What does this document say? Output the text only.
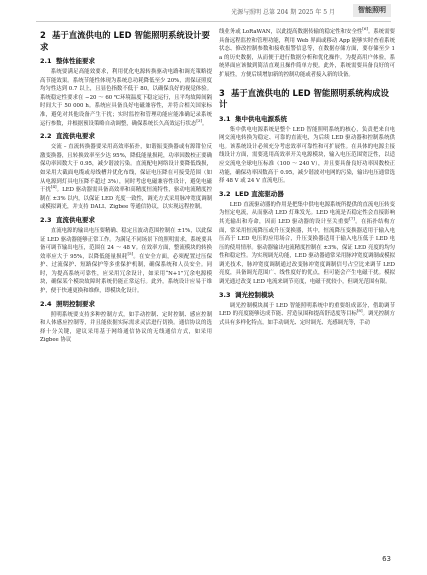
光源与照明 总第 204 期 2025 年 5 月	智能照明
2 基于直流供电的 LED 智能照明系统设计要求
2.1 整体性能要求

系统要满足高能效要求，利用优化电源转换驱动电路和调光策略提高节能效果。系统节能性体现为系统总功耗降低至少 20%，需保证照度均匀性达到 0.7 以上，且显色指数不低于 80，以确保良好的视觉体验。系统稳定性要求在 −20 ～ 60 ℃环境温度下稳定运行，且平均故障间隔时间大于 50 000 h。系统应具备良好电磁兼容性，并符合相关国家标准，避免对其他设备产生干扰；实时监控和管理功能应能准确记录系统运行参数，并根据预设策略自动调整，确保系统长久高效运行状态[3]。

2.2 直流供电要求

交流 – 直流转换器要采用高效率拓扑，如谐振变换器或有源钳位反激变换器，且转换效率至少达 95%，降低能量损耗，功率因数校正要确保功率因数大于 0.95，减少谐波污染。直流配电网络设计要降低线损，如采用大截面电缆或母线槽并优化布线，保证电压降在可接受范围（如从电源到灯具电压降不超过 3%），同时考虑电磁兼容性设计，避免电磁干扰[4]。LED 驱动器需具备高效率和高精度恒流特性，驱动电流精度控制在 ±3% 以内，以保证 LED 光度一致性，调光方式采用脉冲宽度调制或模拟调光，并支持 DALI、Zigbee 等通信协议，以实现远程控制。

2.3 直流供电要求

直流电源的输出电压要精确、稳定且波动范围控制在 ±1%，以此保证 LED 驱动器能够正常工作。为满足不同场景下的照明需求，系统要具备可调节输出电压，范围在 24 ～ 48 V。在效率方面，整流模块的转换效率应大于 95%，以降低能量损耗[5]。在安全方面，必须配置过压保护、过流保护、短路保护等多重保护机制，确保系统和人员安全。同时，为提高系统可靠性，应采用冗余设计，如采用“N+1”冗余电源模块，确保某个模块故障时系统仍能正常运行。此外，系统设计应易于维护，便于快速更换和维修，即模块化设计。

2.4 照明控制要求

照明系统要支持多种控制方式，如手动控制、定时控制、感应控制和人体感应控制等，并且能依据实际需求灵活进行切换。通信协议的选择十分关键，建议采用基于网络通信协议的无线通信方式，如采用 Zigbee 协议

线业务或 LoRaWAN，以此提高数据传输的稳定性和安全性[6]。系统需要具备远程监控和管理功能，利用 Web 界面或移动 App 能够实时查看系统状态、修改控制参数和接收报警信息等，在数据存储方面，要存储至少 1 a 的历史数据，从而便于进行数据分析和优化操作。为提高用户体验，系统界面应该做到简洁直观且操作简单方便。此外，系统需要具备良好的可扩展性，方便后续增加新的控制功能或者接入新的设备。

3 基于直流供电的 LED 智能照明系统构成设计
3.1 集中供电电源系统

集中供电电源系统是整个 LED 智能照明系统的核心，负责把来自电网交流电转换为稳定、可靠的直流电，为后续 LED 驱动器和控制系统供电。该系统设计必须充分考虑效率可靠性和可扩展性。在具体的电源主接线设计方面，需要选用高效率开关电源模块，输入电压范围宽泛性，以适应交流电全球电压标准（100 ～ 240 V），并且要具备良好功率因数校正功能，确保功率因数高于 0.95，减少谐波对电网的污染，输出电压通常选择 48 V 或 24 V 直流电压。

3.2 LED 直流驱动器

LED 直流驱动器的作用是把集中供电电源系统所提供的直流电压转变为恒定电流，从而驱动 LED 灯珠发光。LED 电流是否稳定性会直接影响其光输出和寿命，因而 LED 驱动器的设计至关重要[7]。在拓扑结构方面，常采用恒流降压或升压变换器，其中，恒流降压变换器适用于输入电压高于 LED 电压的应用场合，升压变换器适用于输入电压低于 LED 电压的使用情形。驱动器输出电流精度控制在 ±3%，保证 LED 亮度的均匀性和稳定性。为实现调光功能，LED 驱动器通常采用脉冲宽度调制或模拟调光技术，脉冲宽度调制通过改变脉冲宽度调制信号占空比来调节 LED 亮度，具备调光范围广、线性度好的优点，但可能会产生电磁干扰。模拟调光通过改变 LED 电流来调节亮度，电磁干扰较小，但调光范围有限。

3.3 调光控制模块

调光控制模块属于 LED 智能照明系统中的重要组成部分，借助调节 LED 的亮度能够达成节能、营造氛围和提高舒适度等目标[8]。调光控制方式具有多样化特点，如手动调光、定时调光、光感调光等，手动

63
